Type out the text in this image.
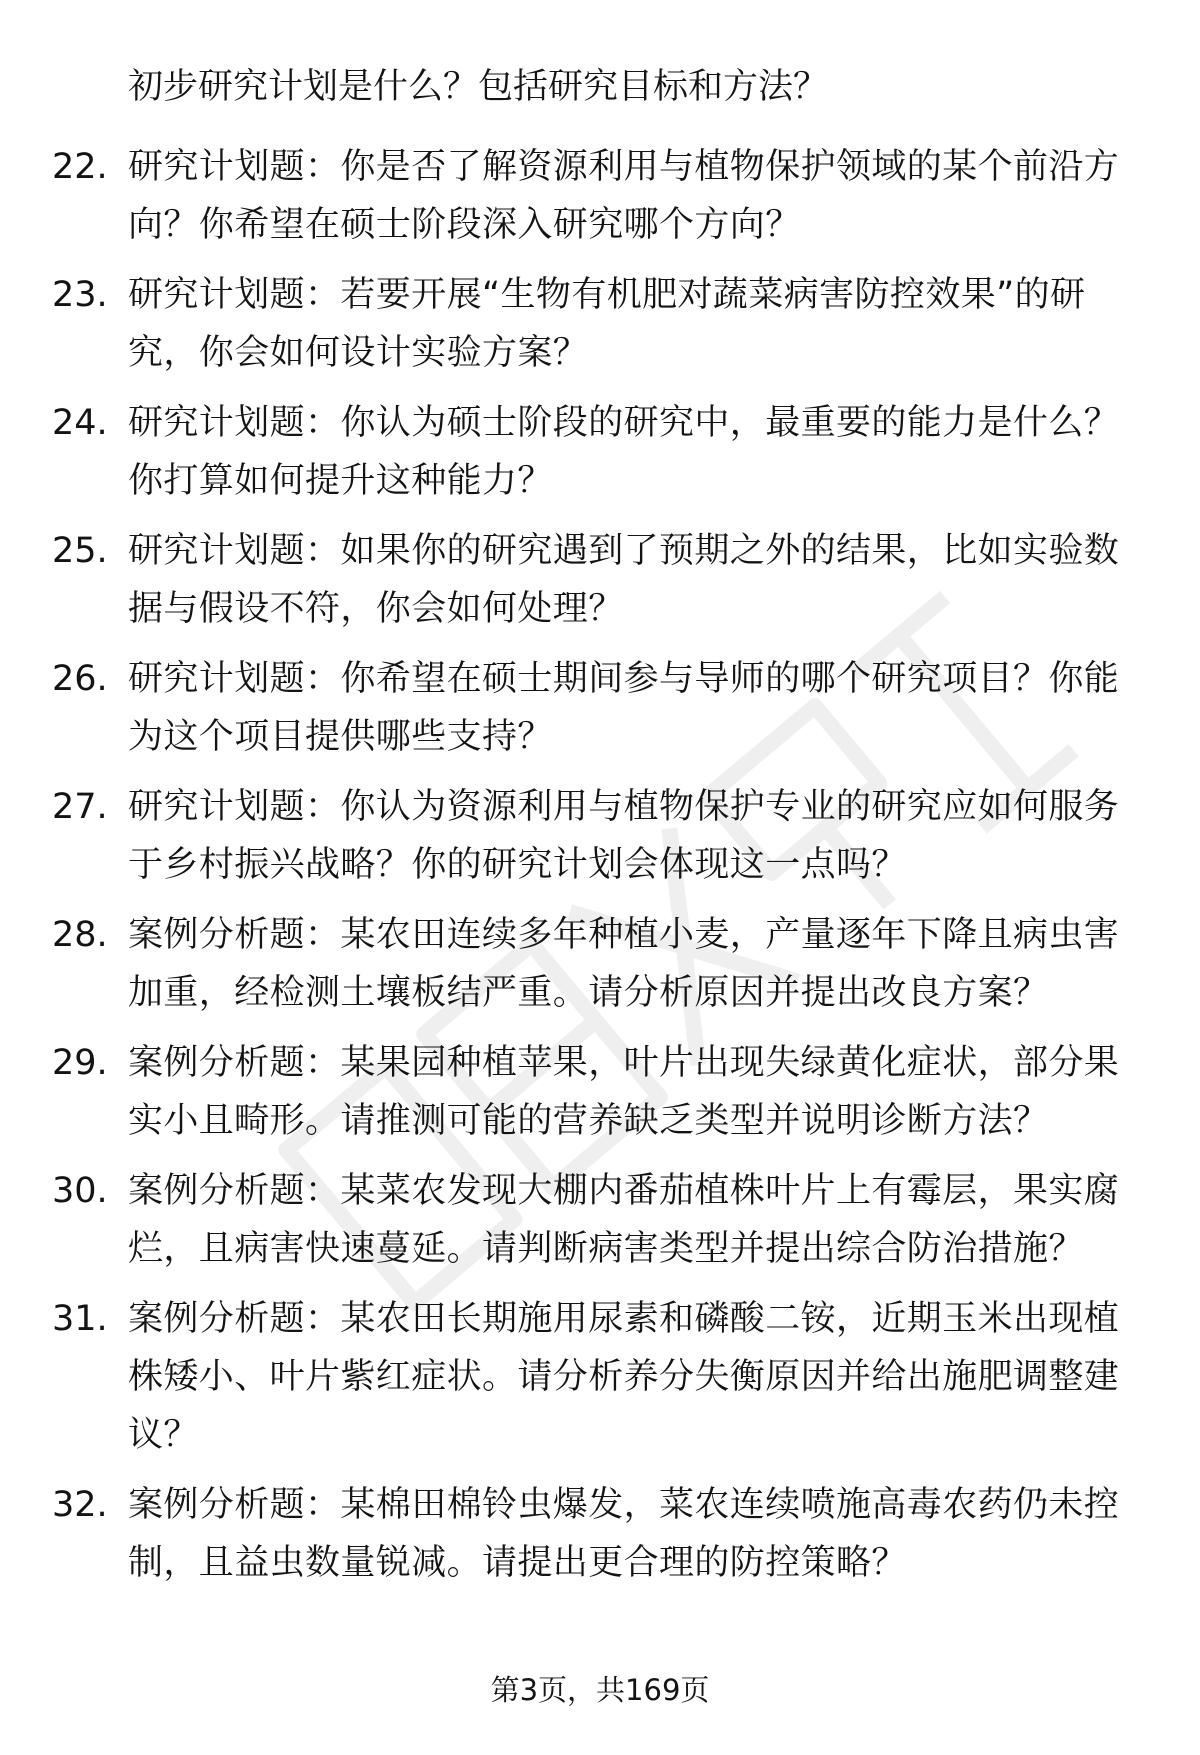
初步研究计划是什么？包括研究目标和方法？
22. 研究计划题：你是否了解资源利用与植物保护领域的某个前沿方向？你希望在硕士阶段深入研究哪个方向？
23. 研究计划题：若要开展“生物有机肥对蔬菜病害防控效果”的研究，你会如何设计实验方案？
24. 研究计划题：你认为硕士阶段的研究中，最重要的能力是什么？你打算如何提升这种能力？
25. 研究计划题：如果你的研究遇到了预期之外的结果，比如实验数据与假设不符，你会如何处理？
26. 研究计划题：你希望在硕士期间参与导师的哪个研究项目？你能为这个项目提供哪些支持？
27. 研究计划题：你认为资源利用与植物保护专业的研究应如何服务于乡村振兴战略？你的研究计划会体现这一点吗？
28. 案例分析题：某农田连续多年种植小麦，产量逐年下降且病虫害加重，经检测土壤板结严重。请分析原因并提出改良方案？
29. 案例分析题：某果园种植苹果，叶片出现失绿黄化症状，部分果实小且畸形。请推测可能的营养缺乏类型并说明诊断方法？
30. 案例分析题：某菜农发现大棚内番茄植株叶片上有霉层，果实腐烂，且病害快速蔓延。请判断病害类型并提出综合防治措施？
31. 案例分析题：某农田长期施用尿素和磷酸二铵，近期玉米出现植株矮小、叶片紫红症状。请分析养分失衡原因并给出施肥调整建议？
32. 案例分析题：某棉田棉铃虫爆发，菜农连续喷施高毒农药仍未控制，且益虫数量锐减。请提出更合理的防控策略？
第3页，共169页
